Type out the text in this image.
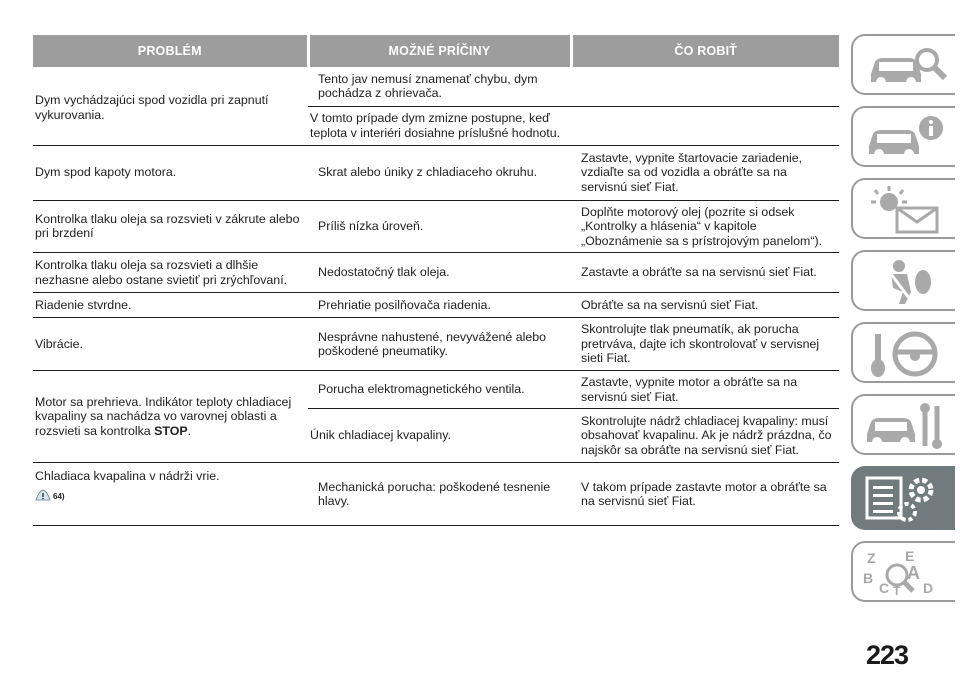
PROBLÉM	MOŽNÉ PRÍČINY	ČO ROBIŤ
Dym vychádzajúci spod vozidla pri zapnutí vykurovania.	Tento jav nemusí znamenať chybu, dym pochádza z ohrievača.	
	V tomto prípade dym zmizne postupne, keď teplota v interiéri dosiahne príslušné hodnotu.	
Dym spod kapoty motora.	Skrat alebo úniky z chladiaceho okruhu.	Zastavte, vypnite štartovacie zariadenie, vzdiaľte sa od vozidla a obráťte sa na servisnú sieť Fiat.
Kontrolka tlaku oleja sa rozsvieti v zákrute alebo pri brzdení	Príliš nízka úroveň.	Doplňte motorový olej (pozrite si odsek „Kontrolky a hlásenia“ v kapitole „Oboznámenie sa s prístrojovým panelom“).
Kontrolka tlaku oleja sa rozsvieti a dlhšie nezhasne alebo ostane svietiť pri zrýchľovaní.	Nedostatočný tlak oleja.	Zastavte a obráťte sa na servisnú sieť Fiat.
Riadenie stvrdne.	Prehriatie posilňovača riadenia.	Obráťte sa na servisnú sieť Fiat.
Vibrácie.	Nesprávne nahustené, nevyvážené alebo poškodené pneumatiky.	Skontrolujte tlak pneumatík, ak porucha pretrváva, dajte ich skontrolovať v servisnej sieti Fiat.
Motor sa prehrieva. Indikátor teploty chladiacej kvapaliny sa nachádza vo varovnej oblasti a rozsvieti sa kontrolka STOP.	Porucha elektromagnetického ventila.	Zastavte, vypnite motor a obráťte sa na servisnú sieť Fiat.
	Únik chladiacej kvapaliny.	Skontrolujte nádrž chladiacej kvapaliny: musí obsahovať kvapalinu. Ak je nádrž prázdna, čo najskôr sa obráťte na servisnú sieť Fiat.

Chladiaca kvapalina v nádrži vrie.
$^{64)}$	Mechanická porucha: poškodené tesnenie hlavy.	V takom prípade zastavte motor a obráťte sa na servisnú sieť Fiat.
Z E
A
B
C T D
223
